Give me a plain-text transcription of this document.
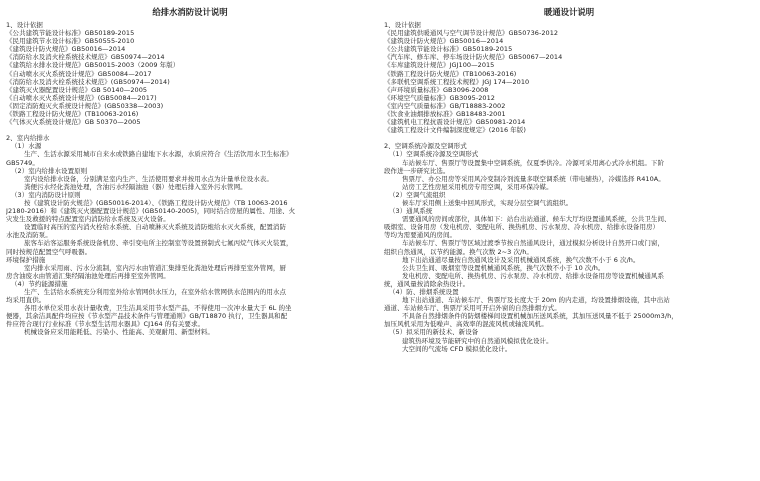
给排水消防设计说明
1、设计依据
《公共建筑节能设计标准》GB50189-2015
《民用建筑节水设计标准》GB50555-2010
《建筑设计防火规范》GB50016—2014
《消防给水及消火栓系统技术规范》GB50974—2014
《建筑给水排水设计规范》GB50015-2003（2009 年版）
《自动喷水灭火系统设计规范》GB50084—2017
《消防给水及消火栓系统技术规范》(GB50974—2014)
《建筑灭火器配置设计规范》GB 50140—2005
《自动喷水灭火系统设计规范》(GB50084—2017)
《固定消防炮灭火系统设计规范》(GB50338—2003)
《铁路工程设计防火规范》(TB10063-2016)
《气体灭火系统设计规范》GB 50370—2005
2、室内给排水
（1）水源
生产、生活水源采用城市自来水或铁路自建地下水水源，水质应符合《生活饮用水卫生标准》
GB5749。
（2）室内给排水设置原则
室内设给排水设备，分别满足室内生产、生活使用要求并按用水点为计量单位设水表。
粪便污水经化粪池处理，含油污水经隔油池（器）处理后排入室外污水管网。
（3）室内消防设计原则
按《建筑设计防火规范》(GB50016-2014）、《铁路工程设计防火规范》（TB 10063-2016
J2180-2016）和《建筑灭火器配置设计规范》(GB50140-2005)，同时结合房屋的属性、用途、火
灾发生及救援的特点配置室内消防给水系统及灭火设备。
设置临时高压的室内消火栓给水系统、自动喷淋灭火系统及消防炮给水灭火系统，配置消防
水池及消防泵。
旅客车站客运服务系统设备机房、牵引变电所主控制室等设置预制式七氟丙烷气体灭火装置，
同时按规范配置空气呼吸器。
环境保护措施
室内排水采用雨、污水分流制，室内污水由管道汇集排至化粪池处理后再排至室外管网，厨
房含油废水由管道汇集经隔油池处理后再排至室外管网。
（4）节约能源措施
生产、生活给水系统充分利用室外给水管网供水压力，在室外给水管网供水范围内的用水点
均采用直供。
各用水单位采用水表计量收费，卫生洁具采用节水型产品，不得使用一次冲水量大于 6L 的坐
便器，其余洁具配件均应按《节水型产品技术条件与管理通则》GB/T18870 执行，卫生器具和配
件应符合现行行业标准《节水型生活用水器具》CJ164 的有关要求。
机械设备应采用能耗低、污染小、性能高、美观耐用、新型材料。
暖通设计说明
1、设计依据
《民用建筑供暖通风与空气调节设计规范》GB50736-2012
《建筑设计防火规范》GB50016—2014
《公共建筑节能设计标准》GB50189-2015
《汽车库、修车库、停车场设计防火规范》GB50067—2014
《车库建筑设计规范》JGJ100—2015
《铁路工程设计防火规范》(TB10063-2016)
《多联机空调系统工程技术规程》JGJ 174—2010
《声环境质量标准》GB3096-2008
《环境空气质量标准》GB3095-2012
《室内空气质量标准》GB/T18883-2002
《饮食业油烟排放标准》GB18483-2001
《建筑机电工程抗震设计规范》GB50981-2014
《建筑工程设计文件编制深度规定》(2016 年版)
2、空调系统冷源及空调形式
（1）空调系统冷源及空调形式
车站候车厅、售票厅等设置集中空调系统，仅夏季供冷。冷源可采用离心式冷水机组。下阶
段作进一步研究比选。
售票厅、办公用房等采用风冷变制冷剂流量多联空调系统（带电辅热），冷媒选择 R410A。
站房工艺性房屋采用机房专用空调，采用环保冷媒。
（2）空调气流组织
候车厅采用侧上送集中回风形式，实现分层空调气流组织。
（3）通风系统
需要通风的房间或部位，具体如下：站台出站通道、候车大厅均设置通风系统，公共卫生间、
吸烟室、设备用房（发电机房、变配电所、换热机房、污水泵房、冷水机房、给排水设备用房）
等均为需要通风的房间。
车站候车厅、售票厅等区域过渡季节按自然通风设计，通过模拟分析设计自然开口或门窗，
组织自然通风，以节约能源。换气次数 2~3 次/h。
地下出站通道尽量按自然通风设计及采用机械通风系统，换气次数不小于 6 次/h。
公共卫生间、吸烟室等设置机械通风系统，换气次数不小于 10 次/h。
发电机房、变配电所、换热机房、污水泵房、冷水机房、给排水设备用房等设置机械通风系
统，通风量按消除余热设计。
（4）防、排烟系统设置
地下出站通道、车站候车厅、售票厅及长度大于 20m 的内走道，均设置排烟设施，其中出站
通道、车站候车厅、售票厅采用可开启外窗的自然排烟方式。
不具备自然排烟条件的防烟楼梯间设置机械加压送风系统，其加压送风量不低于 25000m3/h，
加压风机采用为低噪声、高效率的混流风机或轴流风机。
（5）拟采用的新技术、新设备
建筑热环境及节能研究中的自然通风模拟优化设计。
大空间的气流场 CFD 模拟优化设计。
